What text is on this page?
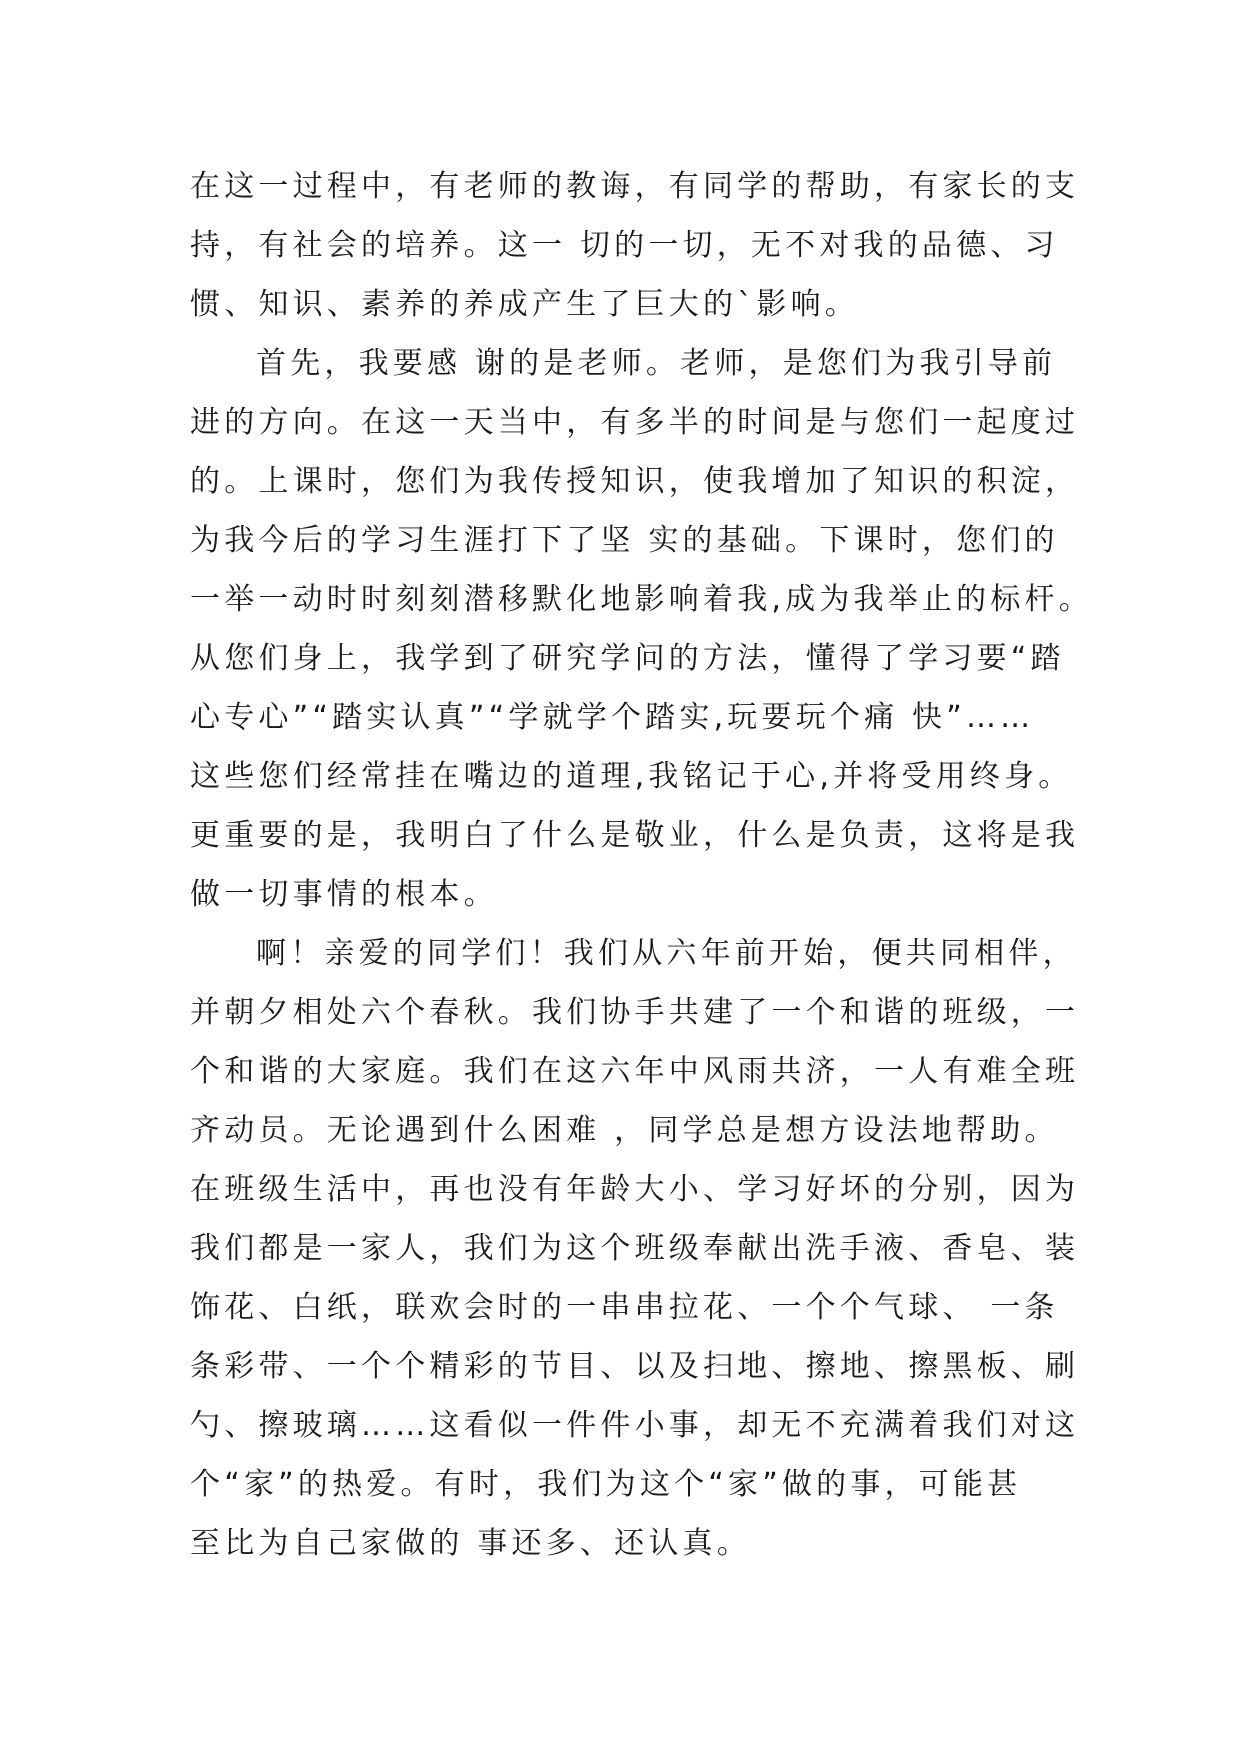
在这一过程中，有老师的教诲，有同学的帮助，有家长的支
持，有社会的培养。这一 切的一切，无不对我的品德、习
惯、知识、素养的养成产生了巨大的`影响。
首先，我要感 谢的是老师。老师，是您们为我引导前
进的方向。在这一天当中，有多半的时间是与您们一起度过
的。上课时，您们为我传授知识，使我增加了知识的积淀，
为我今后的学习生涯打下了坚 实的基础。下课时，您们的
一举一动时时刻刻潜移默化地影响着我,成为我举止的标杆。
从您们身上，我学到了研究学问的方法，懂得了学习要“踏
心专心”“踏实认真”“学就学个踏实,玩要玩个痛 快”……
这些您们经常挂在嘴边的道理,我铭记于心,并将受用终身。
更重要的是，我明白了什么是敬业，什么是负责，这将是我
做一切事情的根本。
啊！亲爱的同学们！我们从六年前开始，便共同相伴，
并朝夕相处六个春秋。我们协手共建了一个和谐的班级，一
个和谐的大家庭。我们在这六年中风雨共济，一人有难全班
齐动员。无论遇到什么困难 ，同学总是想方设法地帮助。
在班级生活中，再也没有年龄大小、学习好坏的分别，因为
我们都是一家人，我们为这个班级奉献出洗手液、香皂、装
饰花、白纸，联欢会时的一串串拉花、一个个气球、 一条
条彩带、一个个精彩的节目、以及扫地、擦地、擦黑板、刷
勺、擦玻璃……这看似一件件小事，却无不充满着我们对这
个“家”的热爱。有时，我们为这个“家”做的事，可能甚
至比为自己家做的 事还多、还认真。
